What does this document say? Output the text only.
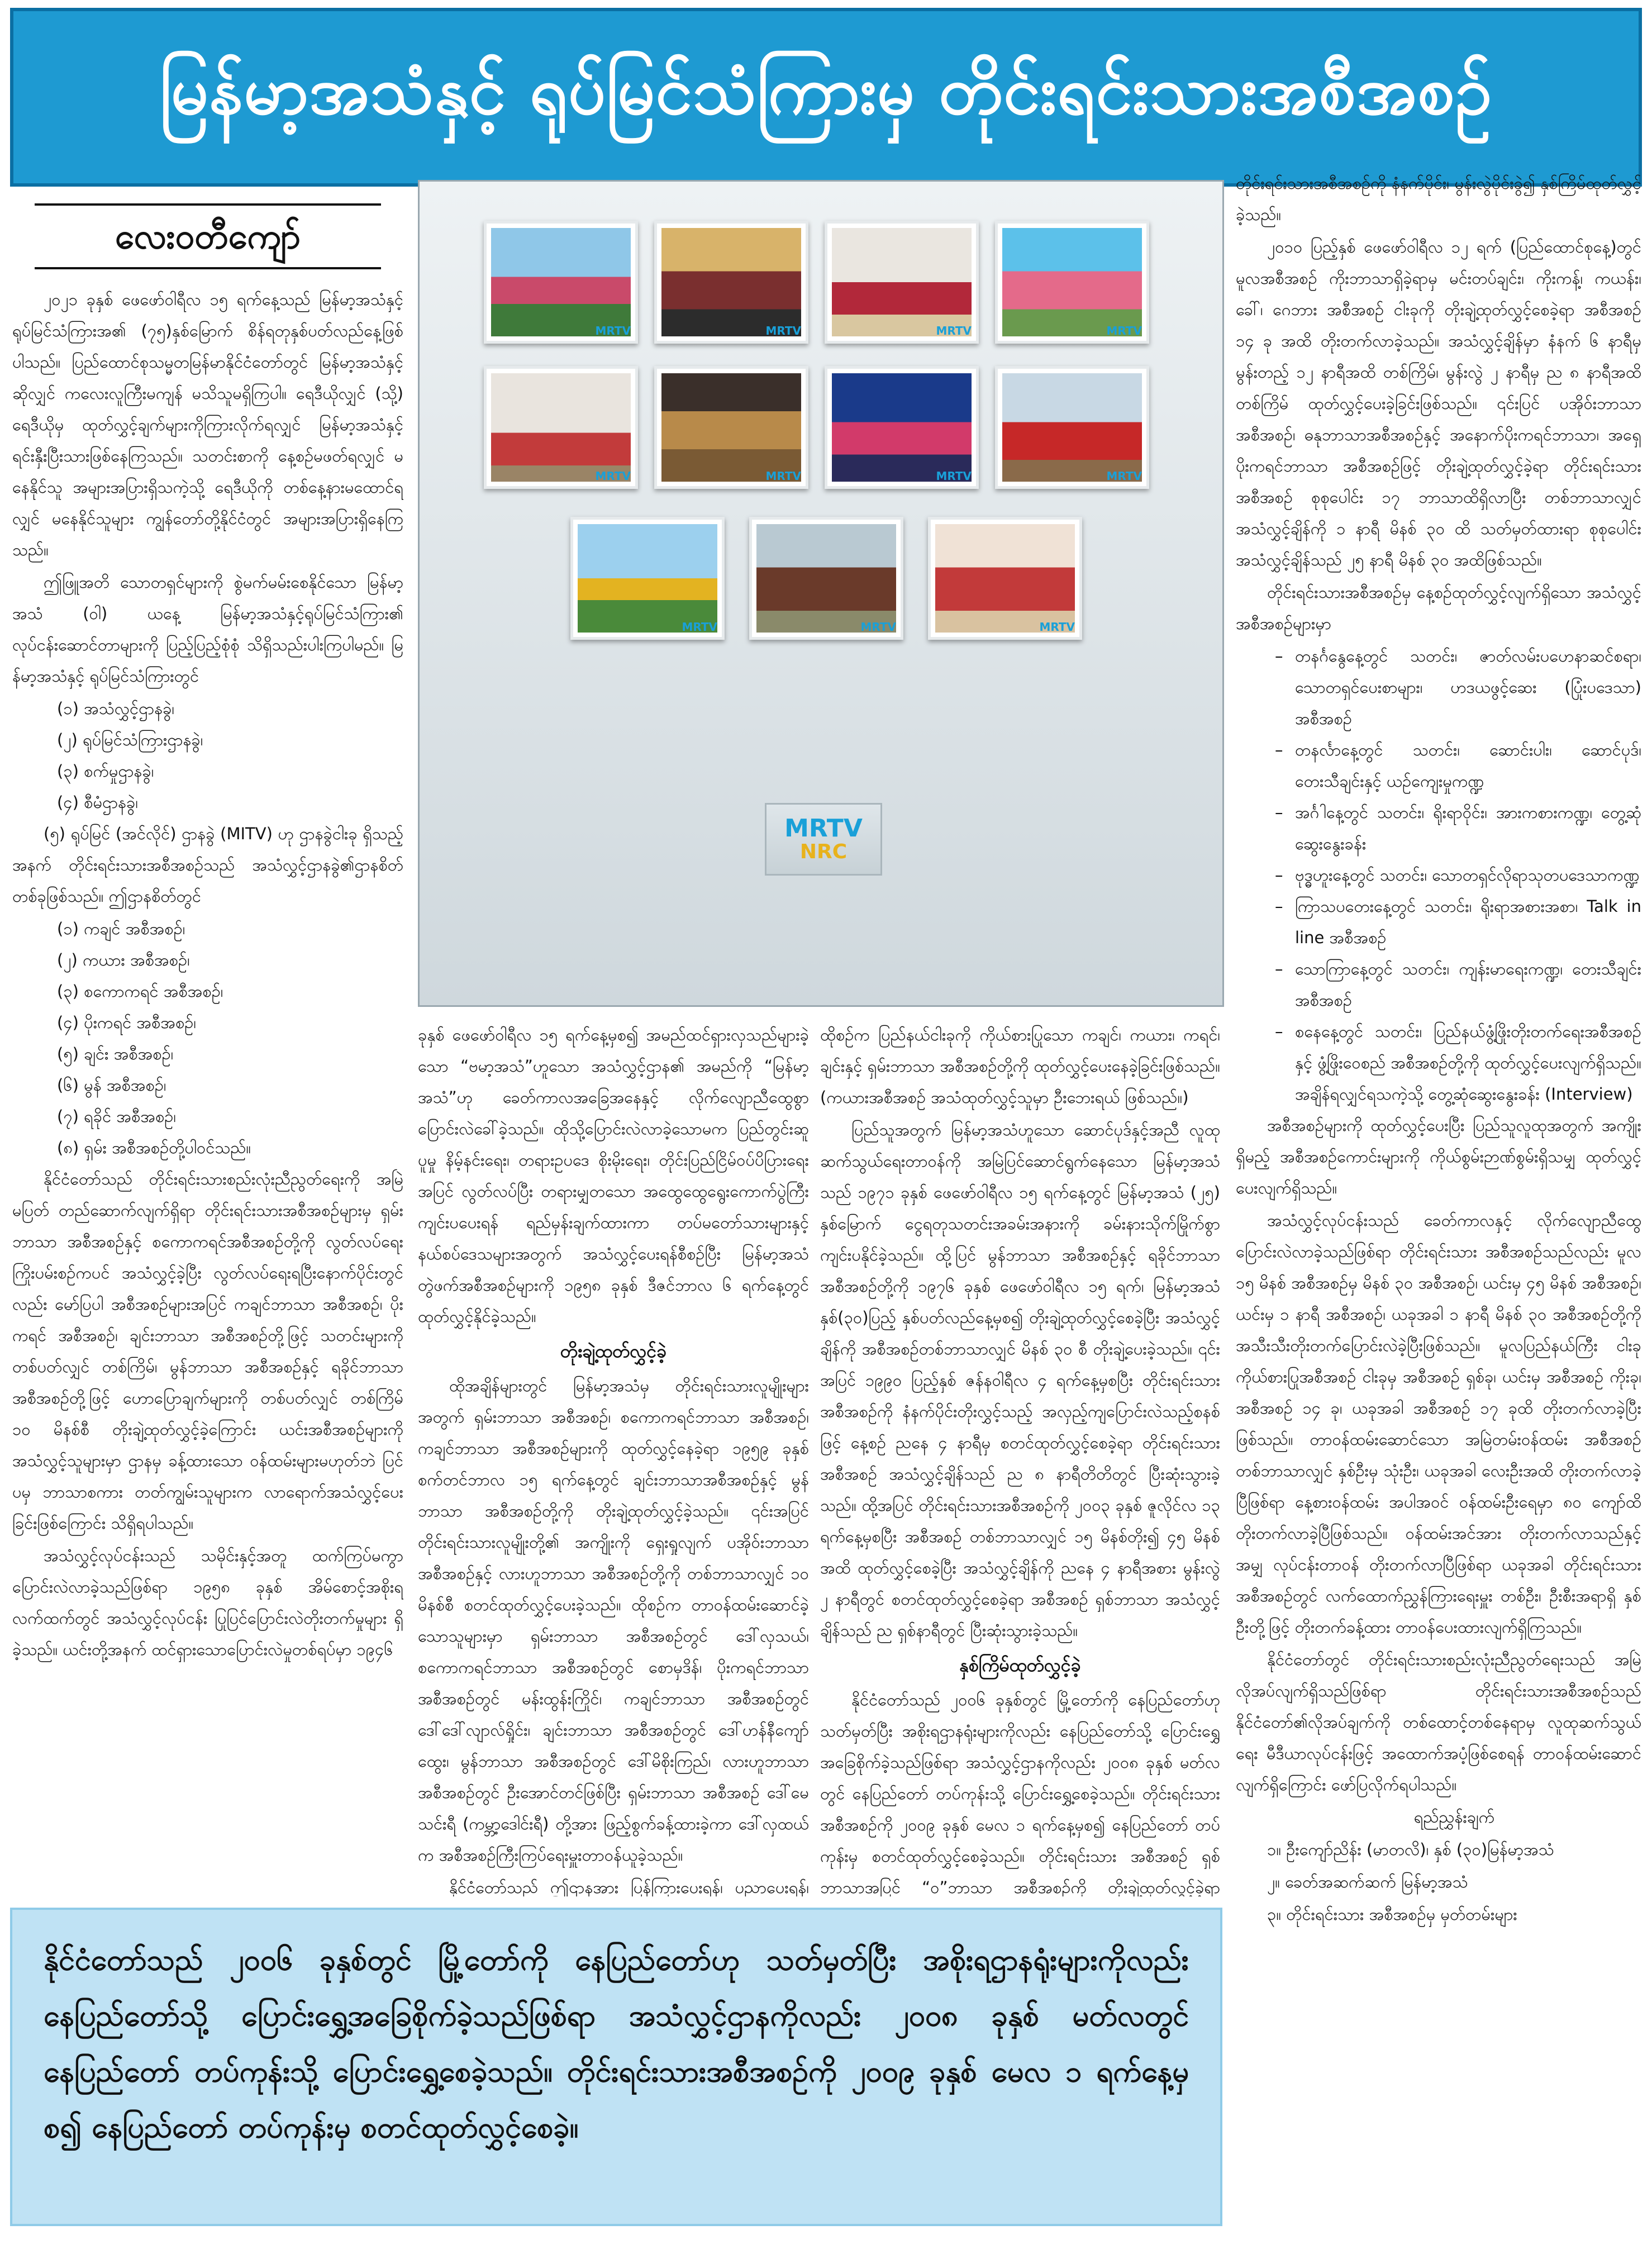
မြန်မာ့အသံနှင့် ရုပ်မြင်သံကြားမှ တိုင်းရင်းသားအစီအစဉ်
လေးဝတီကျော်

၂၀၂၁ ခုနှစ် ဖေဖော်ဝါရီလ ၁၅ ရက်နေ့သည် မြန်မာ့အသံနှင့် ရုပ်မြင်သံကြားအ၏ (၇၅)နှစ်မြောက် စိန်ရတုနှစ်ပတ်လည်နေ့ဖြစ်ပါသည်။ ပြည်ထောင်စုသမ္မတမြန်မာနိုင်ငံတော်တွင် မြန်မာ့အသံနှင့်ဆိုလျှင် ကလေးလူကြီးမကျန် မသိသူမရှိကြပါ။ ရေဒီယိုလျှင် (သို့) ရေဒီယိုမှ ထုတ်လွှင့်ချက်များကိုကြားလိုက်ရလျှင် မြန်မာ့အသံနှင့် ရင်းနှီးပြီးသားဖြစ်နေကြသည်။ သတင်းစာကို နေ့စဉ်မဖတ်ရလျှင် မနေနိုင်သူ အများအပြားရှိသကဲ့သို့ ရေဒီယိုကို တစ်နေ့နားမထောင်ရလျှင် မနေနိုင်သူများ ကျွန်တော်တို့နိုင်ငံတွင် အများအပြားရှိနေကြသည်။

ဤဖြူအတိ သောတရှင်များကို စွဲမက်မမ်းစေနိုင်သော မြန်မာ့အသံ (ဝါ) ယနေ့ မြန်မာ့အသံနှင့်ရုပ်မြင်သံကြား၏ လုပ်ငန်းဆောင်တာများကို ပြည့်ပြည့်စုံစုံ သိရှိသည်းပါးကြပါမည်။ မြန်မာ့အသံနှင့် ရုပ်မြင်သံကြားတွင်

(၁) အသံလွှင့်ဌာနခွဲ၊
(၂) ရုပ်မြင်သံကြားဌာနခွဲ၊
(၃) စက်မှုဌာနခွဲ၊
(၄) စီမံဌာနခွဲ၊

(၅) ရုပ်မြင် (အင်လိုင်) ဌာနခွဲ (MITV) ဟု ဌာနခွဲငါးခု ရှိသည့်အနက် တိုင်းရင်းသားအစီအစဉ်သည် အသံလွှင့်ဌာနခွဲ၏ဌာနစိတ်တစ်ခုဖြစ်သည်။ ဤဌာနစိတ်တွင်

(၁) ကချင် အစီအစဉ်၊
(၂) ကယား အစီအစဉ်၊
(၃) စကောကရင် အစီအစဉ်၊
(၄) ပိုးကရင် အစီအစဉ်၊
(၅) ချင်း အစီအစဉ်၊
(၆) မွန် အစီအစဉ်၊
(၇) ရခိုင် အစီအစဉ်၊
(၈) ရှမ်း အစီအစဉ်တို့ပါဝင်သည်။

နိုင်ငံတော်သည် တိုင်းရင်းသားစည်းလုံးညီညွတ်ရေးကို အမြဲမပြတ် တည်ဆောက်လျက်ရှိရာ တိုင်းရင်းသားအစီအစဉ်များမှ ရှမ်းဘာသာ အစီအစဉ်နှင့် စကောကရင်အစီအစဉ်တို့ကို လွတ်လပ်ရေးကြိုးပမ်းစဉ်ကပင် အသံလွှင့်ခဲ့ပြီး လွတ်လပ်ရေးရပြီးနောက်ပိုင်းတွင်လည်း မော်ပြပါ အစီအစဉ်များအပြင် ကချင်ဘာသာ အစီအစဉ်၊ ပိုးကရင် အစီအစဉ်၊ ချင်းဘာသာ အစီအစဉ်တို့ဖြင့် သတင်းများကို တစ်ပတ်လျှင် တစ်ကြိမ်၊ မွန်ဘာသာ အစီအစဉ်နှင့် ရခိုင်ဘာသာ အစီအစဉ်တို့ဖြင့် ဟောပြောချက်များကို တစ်ပတ်လျှင် တစ်ကြိမ် ၁၀ မိနစ်စီ တိုးချဲ့ထုတ်လွှင့်ခဲ့ကြောင်း ယင်းအစီအစဉ်များကို အသံလွှင့်သူများမှာ ဌာနမှ ခန့်ထားသော ဝန်ထမ်းများမဟုတ်ဘဲ ပြင်ပမှ ဘာသာစကား တတ်ကျွမ်းသူများက လာရောက်အသံလွှင့်ပေးခြင်းဖြစ်ကြောင်း သိရှိရပါသည်။

အသံလွှင့်လုပ်ငန်းသည် သမိုင်းနှင့်အတူ ထက်ကြပ်မကွာ ပြောင်းလဲလာခဲ့သည်ဖြစ်ရာ ၁၉၅၈ ခုနှစ် အိမ်စောင့်အစိုးရလက်ထက်တွင် အသံလွှင့်လုပ်ငန်း ပြုပြင်ပြောင်းလဲတိုးတက်မှုများ ရှိခဲ့သည်။ ယင်းတို့အနက် ထင်ရှားသောပြောင်းလဲမှုတစ်ရပ်မှာ ၁၉၄၆

MRTV	MRTV	MRTV	MRTV
MRTV	MRTV	MRTV	MRTV
MRTV	MRTV	MRTV
MRTV
NRC

ခုနှစ် ဖေဖော်ဝါရီလ ၁၅ ရက်နေ့မှစ၍ အမည်ထင်ရှားလှသည်များခဲ့သော “ဗမာ့အသံ”ဟူသော အသံလွှင့်ဌာန၏ အမည်ကို “မြန်မာ့အသံ”ဟု ခေတ်ကာလအခြေအနေနှင့် လိုက်လျောညီထွေစွာ ပြောင်းလဲခေါ်ခဲ့သည်။ ထိုသို့ပြောင်းလဲလာခဲ့သောမက ပြည်တွင်းဆူပူမှု နိမ့်နင်းရေး၊ တရားဥပဒေ စိုးမိုးရေး၊ တိုင်းပြည်ငြိမ်ဝပ်ပိပြားရေးအပြင် လွတ်လပ်ပြီး တရားမျှတသော အထွေထွေရွေးကောက်ပွဲကြီးကျင်းပပေးရန် ရည်မှန်းချက်ထားကာ တပ်မတော်သားများနှင့် နယ်စပ်ဒေသများအတွက် အသံလွှင့်ပေးရန်စီစဉ်ပြီး မြန်မာ့အသံ တွဲဖက်အစီအစဉ်များကို ၁၉၅၈ ခုနှစ် ဒီဇင်ဘာလ ၆ ရက်နေ့တွင် ထုတ်လွှင့်နိုင်ခဲ့သည်။

တိုးချဲ့ထုတ်လွှင့်ခဲ့

ထိုအချိန်များတွင် မြန်မာ့အသံမှ တိုင်းရင်းသားလူမျိုးများအတွက် ရှမ်းဘာသာ အစီအစဉ်၊ စကောကရင်ဘာသာ အစီအစဉ်၊ ကချင်ဘာသာ အစီအစဉ်များကို ထုတ်လွှင့်နေခဲ့ရာ ၁၉၅၉ ခုနှစ် စက်တင်ဘာလ ၁၅ ရက်နေ့တွင် ချင်းဘာသာအစီအစဉ်နှင့် မွန်ဘာသာ အစီအစဉ်တို့ကို တိုးချဲ့ထုတ်လွှင့်ခဲ့သည်။ ၎င်းအပြင် တိုင်းရင်းသားလူမျိုးတို့၏ အကျိုးကို ရှေးရှုလျက် ပအိုဝ်းဘာသာ အစီအစဉ်နှင့် လားဟူဘာသာ အစီအစဉ်တို့ကို တစ်ဘာသာလျှင် ၁၀ မိနစ်စီ စတင်ထုတ်လွှင့်ပေးခဲ့သည်။ ထိုစဉ်က တာဝန်ထမ်းဆောင်ခဲ့သောသူများမှာ ရှမ်းဘာသာ အစီအစဉ်တွင် ဒေါ်လှသယ်၊ စကောကရင်ဘာသာ အစီအစဉ်တွင် စောမှဒိန်၊ ပိုးကရင်ဘာသာ အစီအစဉ်တွင် မန်းထွန်းကြိုင်၊ ကချင်ဘာသာ အစီအစဉ်တွင် ဒေါ်ဒေါ်လျာလ်ရှိုင်း၊ ချင်းဘာသာ အစီအစဉ်တွင် ဒေါ်ဟန်နီကျော်ထွေး၊ မွန်ဘာသာ အစီအစဉ်တွင် ဒေါ်မိစိုးကြည်၊ လားဟူဘာသာ အစီအစဉ်တွင် ဦးအောင်တင်ဖြစ်ပြီး ရှမ်းဘာသာ အစီအစဉ် ဒေါ်မေသင်းရီ (ကမ္ဘာ့ဒေါင်းရီ) တို့အား ဖြည့်စွက်ခန့်ထားခဲ့ကာ ဒေါ်လှထယ်က အစီအစဉ်ကြီးကြပ်ရေးမှူးတာဝန်ယူခဲ့သည်။

နိုင်ငံတော်သည် ဤဌာနအား ပြန်ကြားပေးရန်၊ ပညာပေးရန်၊

ထိုစဉ်က ပြည်နယ်ငါးခုကို ကိုယ်စားပြုသော ကချင်၊ ကယား၊ ကရင်၊ ချင်းနှင့် ရှမ်းဘာသာ အစီအစဉ်တို့ကို ထုတ်လွှင့်ပေးနေခဲ့ခြင်းဖြစ်သည်။ (ကယားအစီအစဉ် အသံထုတ်လွှင့်သူမှာ ဦးဘေးရယ် ဖြစ်သည်။)

ပြည်သူအတွက် မြန်မာ့အသံဟူသော ဆောင်ပုဒ်နှင့်အညီ လူထုဆက်သွယ်ရေးတာဝန်ကို အမြဲပြင်ဆောင်ရွက်နေသော မြန်မာ့အသံသည် ၁၉၇၁ ခုနှစ် ဖေဖော်ဝါရီလ ၁၅ ရက်နေ့တွင် မြန်မာ့အသံ (၂၅) နှစ်မြောက် ငွေရတုသတင်းအခမ်းအနားကို ခမ်းနားသိုက်မြိုက်စွာ ကျင်းပနိုင်ခဲ့သည်။ ထို့ပြင် မွန်ဘာသာ အစီအစဉ်နှင့် ရခိုင်ဘာသာ အစီအစဉ်တို့ကို ၁၉၇၆ ခုနှစ် ဖေဖော်ဝါရီလ ၁၅ ရက်၊ မြန်မာ့အသံ နှစ်(၃၀)ပြည့် နှစ်ပတ်လည်နေ့မှစ၍ တိုးချဲ့ထုတ်လွှင့်စေခဲ့ပြီး အသံလွှင့်ချိန်ကို အစီအစဉ်တစ်ဘာသာလျှင် မိနစ် ၃၀ စီ တိုးချဲ့ပေးခဲ့သည်။ ၎င်းအပြင် ၁၉၉၀ ပြည့်နှစ် ဇန်နဝါရီလ ၄ ရက်နေ့မှစပြီး တိုင်းရင်းသားအစီအစဉ်ကို နံနက်ပိုင်းတိုးလွှင့်သည့် အလှည့်ကျပြောင်းလဲသည့်စနစ်ဖြင့် နေ့စဉ် ညနေ ၄ နာရီမှ စတင်ထုတ်လွှင့်စေခဲ့ရာ တိုင်းရင်းသား အစီအစဉ် အသံလွှင့်ချိန်သည် ည ၈ နာရီတိတိတွင် ပြီးဆုံးသွားခဲ့သည်။ ထို့အပြင် တိုင်းရင်းသားအစီအစဉ်ကို ၂၀၀၃ ခုနှစ် ဇူလိုင်လ ၁၃ ရက်နေ့မှစပြီး အစီအစဉ် တစ်ဘာသာလျှင် ၁၅ မိနစ်တိုး၍ ၄၅ မိနစ်အထိ ထုတ်လွှင့်စေခဲ့ပြီး အသံလွှင့်ချိန်ကို ညနေ ၄ နာရီအစား မွန်းလွဲ ၂ နာရီတွင် စတင်ထုတ်လွှင့်စေခဲ့ရာ အစီအစဉ် ရှစ်ဘာသာ အသံလွှင့်ချိန်သည် ည ရှစ်နာရီတွင် ပြီးဆုံးသွားခဲ့သည်။

နှစ်ကြိမ်ထုတ်လွှင့်ခဲ့

နိုင်ငံတော်သည် ၂၀၀၆ ခုနှစ်တွင် မြို့တော်ကို နေပြည်တော်ဟု သတ်မှတ်ပြီး အစိုးရဌာနရုံးများကိုလည်း နေပြည်တော်သို့ ပြောင်းရွှေ့အခြေစိုက်ခဲ့သည်ဖြစ်ရာ အသံလွှင့်ဌာနကိုလည်း ၂၀၀၈ ခုနှစ် မတ်လတွင် နေပြည်တော် တပ်ကုန်းသို့ ပြောင်းရွှေ့စေခဲ့သည်။ တိုင်းရင်းသား အစီအစဉ်ကို ၂၀၀၉ ခုနှစ် မေလ ၁ ရက်နေ့မှစ၍ နေပြည်တော် တပ်ကုန်းမှ စတင်ထုတ်လွှင့်စေခဲ့သည်။ တိုင်းရင်းသား အစီအစဉ် ရှစ်ဘာသာအပြင် “ဝ”ဘာသာ အစီအစဉ်ကို တိုးချဲ့ထုတ်လွှင့်ခဲ့ရာ

တိုင်းရင်းသားအစီအစဉ်ကို နံနက်ပိုင်း၊ မွန်းလွဲပိုင်းခွဲ၍ နှစ်ကြိမ်ထုတ်လွှင့်ခဲ့သည်။

၂၀၁၀ ပြည့်နှစ် ဖေဖော်ဝါရီလ ၁၂ ရက် (ပြည်ထောင်စုနေ့)တွင် မူလအစီအစဉ် ကိုးဘာသာရှိခဲ့ရာမှ မင်းတပ်ချင်း၊ ကိုးကန့်၊ ကယန်း၊ ခေါ်၊ ဂေဘား အစီအစဉ် ငါးခုကို တိုးချဲ့ထုတ်လွှင့်စေခဲ့ရာ အစီအစဉ် ၁၄ ခု အထိ တိုးတက်လာခဲ့သည်။ အသံလွှင့်ချိန်မှာ နံနက် ၆ နာရီမှ မွန်းတည့် ၁၂ နာရီအထိ တစ်ကြိမ်၊ မွန်းလွဲ ၂ နာရီမှ ည ၈ နာရီအထိ တစ်ကြိမ် ထုတ်လွှင့်ပေးခဲ့ခြင်းဖြစ်သည်။ ၎င်းပြင် ပအိုဝ်းဘာသာအစီအစဉ်၊ ဓနုဘာသာအစီအစဉ်နှင့် အနောက်ပိုးကရင်ဘာသာ၊ အရှေ့ပိုးကရင်ဘာသာ အစီအစဉ်ဖြင့် တိုးချဲ့ထုတ်လွှင့်ခဲ့ရာ တိုင်းရင်းသားအစီအစဉ် စုစုပေါင်း ၁၇ ဘာသာထိရှိလာပြီး တစ်ဘာသာလျှင် အသံလွှင့်ချိန်ကို ၁ နာရီ မိနစ် ၃၀ ထိ သတ်မှတ်ထားရာ စုစုပေါင်း အသံလွှင့်ချိန်သည် ၂၅ နာရီ မိနစ် ၃၀ အထိဖြစ်သည်။

တိုင်းရင်းသားအစီအစဉ်မှ နေ့စဉ်ထုတ်လွှင့်လျက်ရှိသော အသံလွှင့်အစီအစဉ်များမှာ

– တနင်္ဂနွေနေ့တွင် သတင်း၊ ဇာတ်လမ်းပဟေနာဆင်စရာ၊ သောတရှင်ပေးစာများ၊ ဟဒယဖွင့်ဆေး (ပြုံးပဒေသာ) အစီအစဉ်
– တနင်္လာနေ့တွင် သတင်း၊ ဆောင်းပါး၊ ဆောင်ပုဒ်၊ တေးသီချင်းနှင့် ယဉ်ကျေးမှုကဏ္ဍ
– အင်္ဂါနေ့တွင် သတင်း၊ ရိုးရာဝိုင်း၊ အားကစားကဏ္ဍ၊ တွေ့ဆုံဆွေးနွေးခန်း
– ဗုဒ္ဓဟူးနေ့တွင် သတင်း၊ သောတရှင်လိုရာသုတပဒေသာကဏ္ဍ
– ကြာသပတေးနေ့တွင် သတင်း၊ ရိုးရာအစားအစာ၊ Talk in line အစီအစဉ်
– သောကြာနေ့တွင် သတင်း၊ ကျန်းမာရေးကဏ္ဍ၊ တေးသီချင်း အစီအစဉ်
– စနေနေ့တွင် သတင်း၊ ပြည်နယ်ဖွံ့ဖြိုးတိုးတက်ရေးအစီအစဉ်နှင့် ဖွံ့ဖြိုးဝေစည် အစီအစဉ်တို့ကို ထုတ်လွှင့်ပေးလျက်ရှိသည်။ အချိန်ရလျှင်ရသကဲ့သို့ တွေ့ဆုံဆွေးနွေးခန်း (Interview)

အစီအစဉ်များကို ထုတ်လွှင့်ပေးပြီး ပြည်သူလူထုအတွက် အကျိုးရှိမည့် အစီအစဉ်ကောင်းများကို ကိုယ်စွမ်းဉာဏ်စွမ်းရှိသမျှ ထုတ်လွှင့်ပေးလျက်ရှိသည်။

အသံလွှင့်လုပ်ငန်းသည် ခေတ်ကာလနှင့် လိုက်လျောညီထွေ ပြောင်းလဲလာခဲ့သည်ဖြစ်ရာ တိုင်းရင်းသား အစီအစဉ်သည်လည်း မူလ ၁၅ မိနစ် အစီအစဉ်မှ မိနစ် ၃၀ အစီအစဉ်၊ ယင်းမှ ၄၅ မိနစ် အစီအစဉ်၊ ယင်းမှ ၁ နာရီ အစီအစဉ်၊ ယခုအခါ ၁ နာရီ မိနစ် ၃၀ အစီအစဉ်တို့ကို အသီးသီးတိုးတက်ပြောင်းလဲခဲ့ပြီးဖြစ်သည်။ မူလပြည်နယ်ကြီး ငါးခု ကိုယ်စားပြုအစီအစဉ် ငါးခုမှ အစီအစဉ် ရှစ်ခု၊ ယင်းမှ အစီအစဉ် ကိုးခု၊ အစီအစဉ် ၁၄ ခု၊ ယခုအခါ အစီအစဉ် ၁၇ ခုထိ တိုးတက်လာခဲ့ပြီးဖြစ်သည်။ တာဝန်ထမ်းဆောင်သော အမြဲတမ်းဝန်ထမ်း အစီအစဉ်တစ်ဘာသာလျှင် နှစ်ဦးမှ သုံးဦး၊ ယခုအခါ လေးဦးအထိ တိုးတက်လာခဲ့ပြီဖြစ်ရာ နေ့စားဝန်ထမ်း အပါအဝင် ဝန်ထမ်းဦးရေမှာ ၈၀ ကျော်ထိ တိုးတက်လာခဲ့ပြီဖြစ်သည်။ ဝန်ထမ်းအင်အား တိုးတက်လာသည်နှင့်အမျှ လုပ်ငန်းတာဝန် တိုးတက်လာပြီဖြစ်ရာ ယခုအခါ တိုင်းရင်းသား အစီအစဉ်တွင် လက်ထောက်ညွှန်ကြားရေးမှူး တစ်ဦး၊ ဦးစီးအရာရှိ နှစ်ဦးတို့ဖြင့် တိုးတက်ခန့်ထား တာဝန်ပေးထားလျက်ရှိကြသည်။

နိုင်ငံတော်တွင် တိုင်းရင်းသားစည်းလုံးညီညွတ်ရေးသည် အမြဲလိုအပ်လျက်ရှိသည်ဖြစ်ရာ တိုင်းရင်းသားအစီအစဉ်သည် နိုင်ငံတော်၏လိုအပ်ချက်ကို တစ်ထောင့်တစ်နေရာမှ လူထုဆက်သွယ်ရေး မီဒီယာလုပ်ငန်းဖြင့် အထောက်အပံ့ဖြစ်စေရန် တာဝန်ထမ်းဆောင်လျက်ရှိကြောင်း ဖော်ပြလိုက်ရပါသည်။

ရည်ညွှန်းချက်

၁။ ဦးကျော်ညိန်း (မာတလိ)၊ နှစ် (၃၀)မြန်မာ့အသံ

၂။ ခေတ်အဆက်ဆက် မြန်မာ့အသံ

၃။ တိုင်းရင်းသား အစီအစဉ်မှ မှတ်တမ်းများ

နိုင်ငံတော်သည် ၂၀၀၆ ခုနှစ်တွင် မြို့တော်ကို နေပြည်တော်ဟု သတ်မှတ်ပြီး အစိုးရဌာနရုံးများကိုလည်း နေပြည်တော်သို့ ပြောင်းရွှေ့အခြေစိုက်ခဲ့သည်ဖြစ်ရာ အသံလွှင့်ဌာနကိုလည်း ၂၀၀၈ ခုနှစ် မတ်လတွင် နေပြည်တော် တပ်ကုန်းသို့ ပြောင်းရွှေ့စေခဲ့သည်။ တိုင်းရင်းသားအစီအစဉ်ကို ၂၀၀၉ ခုနှစ် မေလ ၁ ရက်နေ့မှစ၍ နေပြည်တော် တပ်ကုန်းမှ စတင်ထုတ်လွှင့်စေခဲ့။
